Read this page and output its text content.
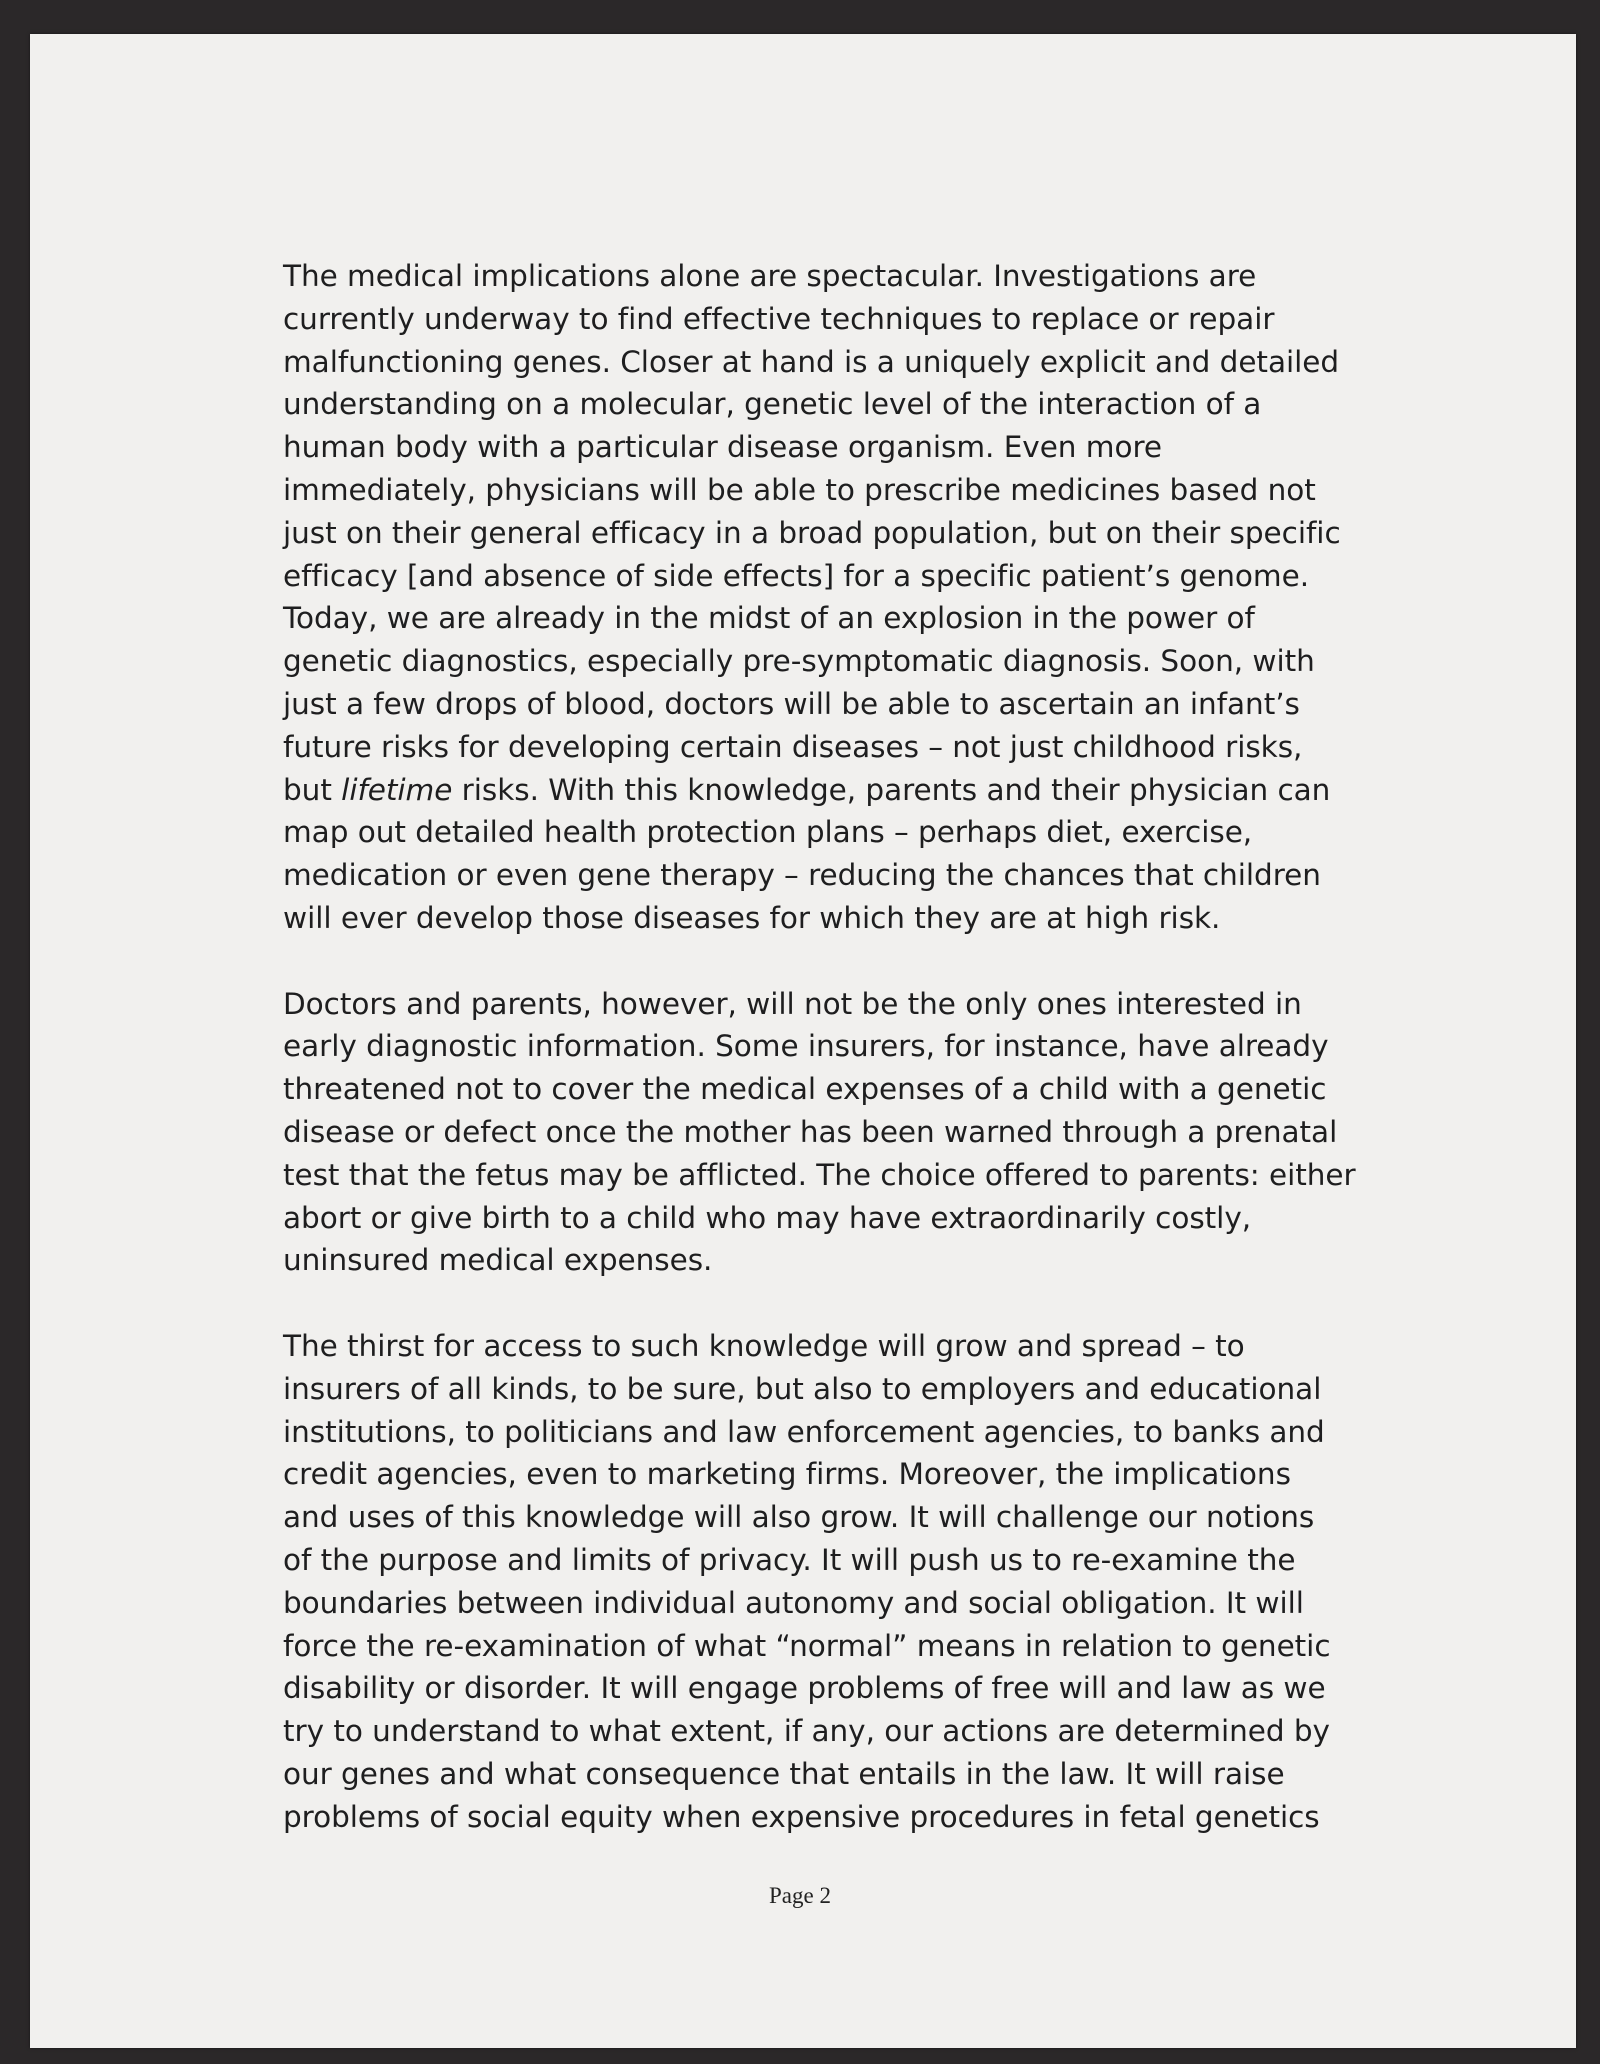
The medical implications alone are spectacular. Investigations are
currently underway to find effective techniques to replace or repair
malfunctioning genes. Closer at hand is a uniquely explicit and detailed
understanding on a molecular, genetic level of the interaction of a
human body with a particular disease organism. Even more
immediately, physicians will be able to prescribe medicines based not
just on their general efficacy in a broad population, but on their specific
efficacy [and absence of side effects] for a specific patient’s genome.
Today, we are already in the midst of an explosion in the power of
genetic diagnostics, especially pre-symptomatic diagnosis. Soon, with
just a few drops of blood, doctors will be able to ascertain an infant’s
future risks for developing certain diseases – not just childhood risks,
but lifetime risks. With this knowledge, parents and their physician can
map out detailed health protection plans – perhaps diet, exercise,
medication or even gene therapy – reducing the chances that children
will ever develop those diseases for which they are at high risk.
Doctors and parents, however, will not be the only ones interested in
early diagnostic information. Some insurers, for instance, have already
threatened not to cover the medical expenses of a child with a genetic
disease or defect once the mother has been warned through a prenatal
test that the fetus may be afflicted. The choice offered to parents: either
abort or give birth to a child who may have extraordinarily costly,
uninsured medical expenses.
The thirst for access to such knowledge will grow and spread – to
insurers of all kinds, to be sure, but also to employers and educational
institutions, to politicians and law enforcement agencies, to banks and
credit agencies, even to marketing firms. Moreover, the implications
and uses of this knowledge will also grow. It will challenge our notions
of the purpose and limits of privacy. It will push us to re-examine the
boundaries between individual autonomy and social obligation. It will
force the re-examination of what “normal” means in relation to genetic
disability or disorder. It will engage problems of free will and law as we
try to understand to what extent, if any, our actions are determined by
our genes and what consequence that entails in the law. It will raise
problems of social equity when expensive procedures in fetal genetics
Page 2
